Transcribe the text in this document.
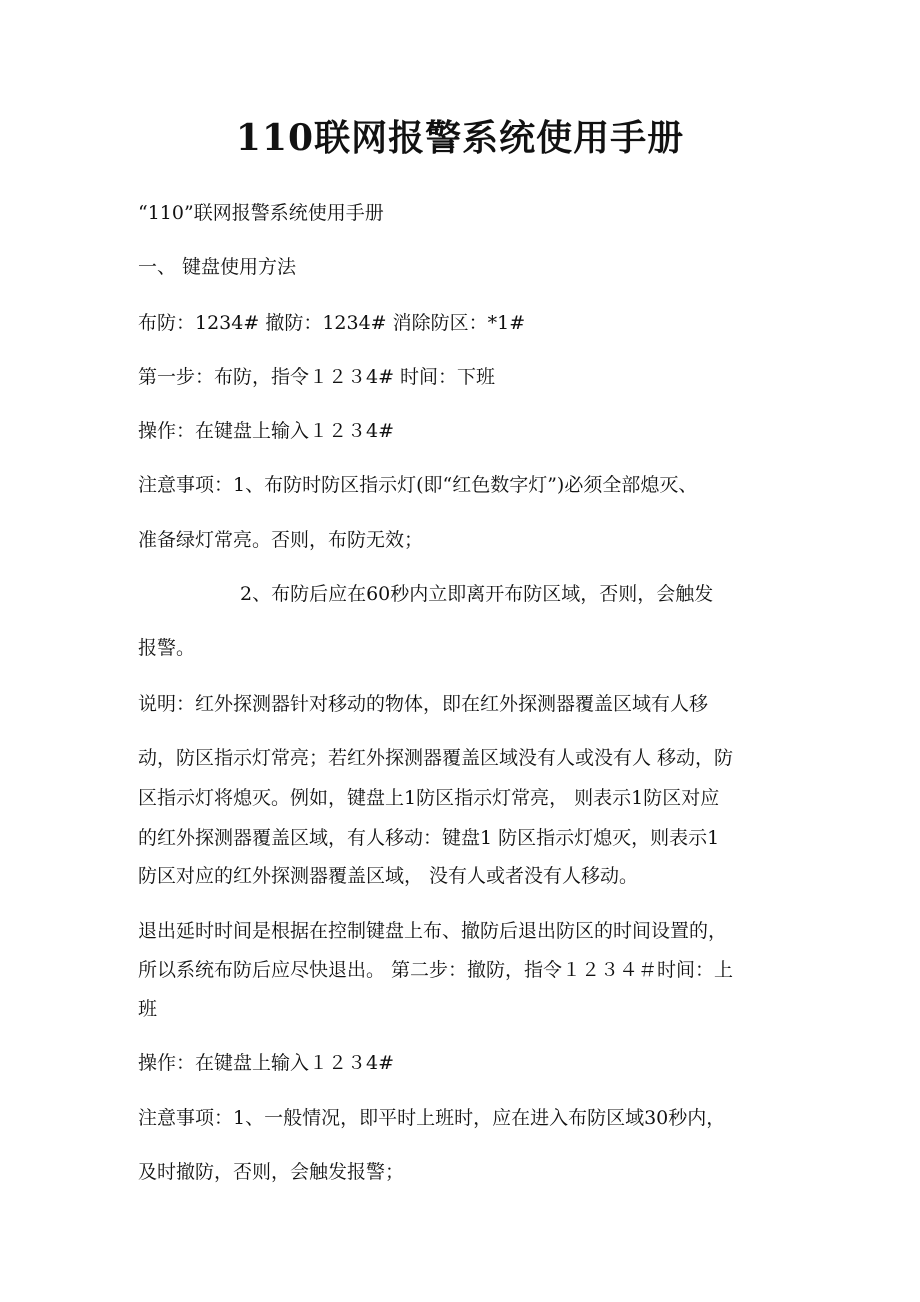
110联网报警系统使用手册

“110”联网报警系统使用手册

一、 键盘使用方法

布防：1234# 撤防：1234# 消除防区：*1#

第一步：布防，指令１２３4# 时间：下班

操作：在键盘上输入１２３4#

注意事项：1、布防时防区指示灯(即“红色数字灯”)必须全部熄灭、

准备绿灯常亮。否则，布防无效；

2、布防后应在60秒内立即离开布防区域，否则，会触发

报警。

说明：红外探测器针对移动的物体，即在红外探测器覆盖区域有人移

动，防区指示灯常亮；若红外探测器覆盖区域没有人或没有人 移动，防

区指示灯将熄灭。例如，键盘上1防区指示灯常亮， 则表示1防区对应

的红外探测器覆盖区域，有人移动：键盘1 防区指示灯熄灭，则表示1

防区对应的红外探测器覆盖区域， 没有人或者没有人移动。

退出延时时间是根据在控制键盘上布、撤防后退出防区的时间设置的，

所以系统布防后应尽快退出。 第二步：撤防，指令１２３４＃时间：上

班

操作：在键盘上输入１２３4#

注意事项：1、一般情况，即平时上班时，应在进入布防区域30秒内，

及时撤防，否则，会触发报警；
